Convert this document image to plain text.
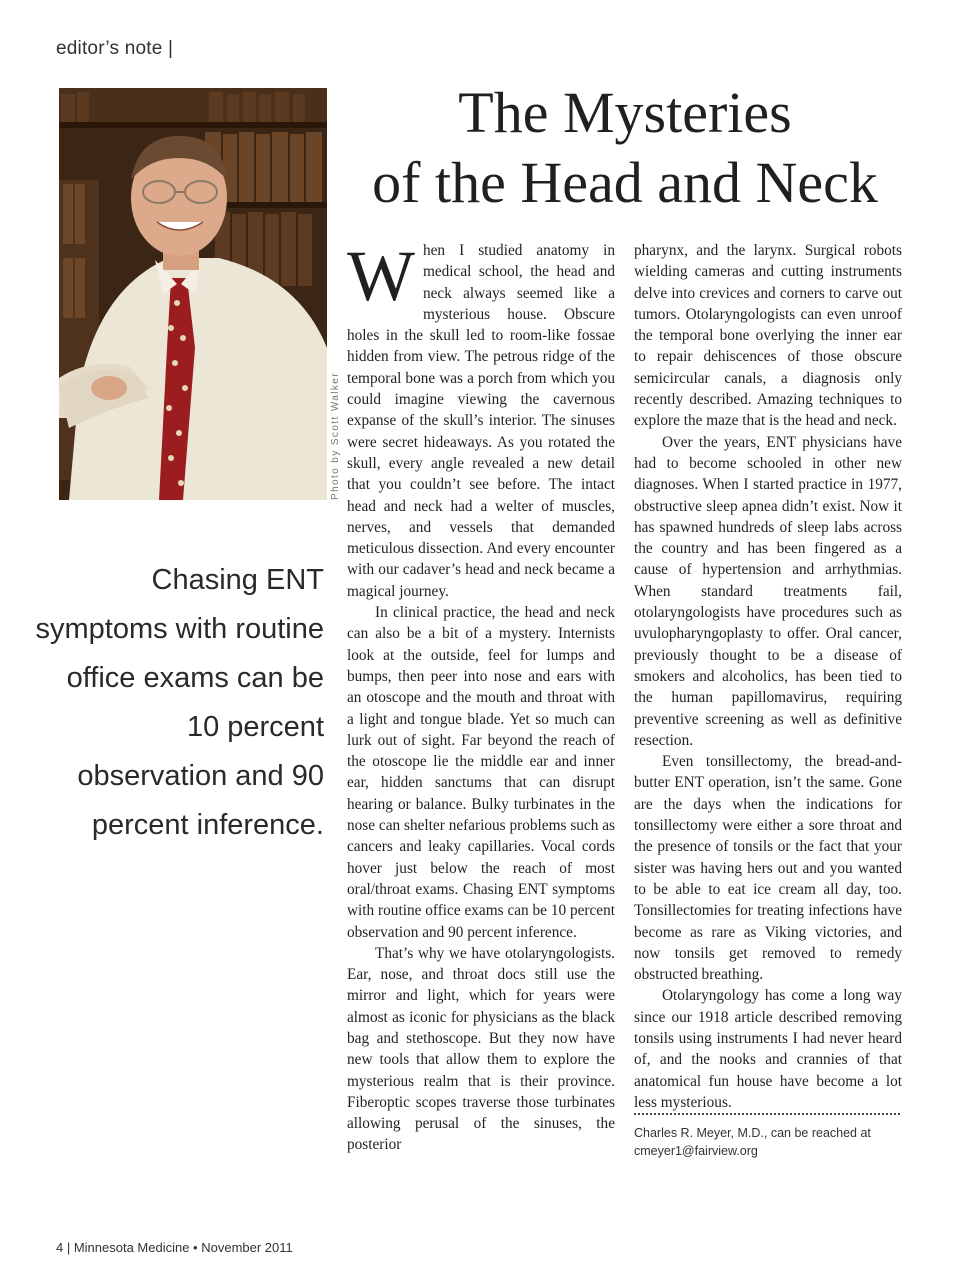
editor’s note |
Photo by Scott Walker
The Mysteries
of the Head and Neck

Chasing ENT symptoms with routine office exams can be 10 percent observation and 90 percent inference.

When I studied anatomy in medical school, the head and neck always seemed like a mysterious house. Obscure holes in the skull led to room-like fossae hidden from view. The petrous ridge of the temporal bone was a porch from which you could imagine viewing the cavernous expanse of the skull’s interior. The sinuses were secret hideaways. As you rotated the skull, every angle revealed a new detail that you couldn’t see before. The intact head and neck had a welter of muscles, nerves, and vessels that demanded meticulous dissection. And every encounter with our cadaver’s head and neck became a magical journey.

In clinical practice, the head and neck can also be a bit of a mystery. Internists look at the outside, feel for lumps and bumps, then peer into nose and ears with an otoscope and the mouth and throat with a light and tongue blade. Yet so much can lurk out of sight. Far beyond the reach of the otoscope lie the middle ear and inner ear, hidden sanctums that can disrupt hearing or balance. Bulky turbinates in the nose can shelter nefarious problems such as cancers and leaky capillaries. Vocal cords hover just below the reach of most oral/throat exams. Chasing ENT symptoms with routine office exams can be 10 percent observation and 90 percent inference.

That’s why we have otolaryngologists. Ear, nose, and throat docs still use the mirror and light, which for years were almost as iconic for physicians as the black bag and stethoscope. But they now have new tools that allow them to explore the mysterious realm that is their province. Fiberoptic scopes traverse those turbinates allowing perusal of the sinuses, the posterior

pharynx, and the larynx. Surgical robots wielding cameras and cutting instruments delve into crevices and corners to carve out tumors. Otolaryngologists can even unroof the temporal bone overlying the inner ear to repair dehiscences of those obscure semicircular canals, a diagnosis only recently described. Amazing techniques to explore the maze that is the head and neck.

Over the years, ENT physicians have had to become schooled in other new diagnoses. When I started practice in 1977, obstructive sleep apnea didn’t exist. Now it has spawned hundreds of sleep labs across the country and has been fingered as a cause of hypertension and arrhythmias. When standard treatments fail, otolaryngologists have procedures such as uvulopharyngoplasty to offer. Oral cancer, previously thought to be a disease of smokers and alcoholics, has been tied to the human papillomavirus, requiring preventive screening as well as definitive resection.

Even tonsillectomy, the bread-and-butter ENT operation, isn’t the same. Gone are the days when the indications for tonsillectomy were either a sore throat and the presence of tonsils or the fact that your sister was having hers out and you wanted to be able to eat ice cream all day, too. Tonsillectomies for treating infections have become as rare as Viking victories, and now tonsils get removed to remedy obstructed breathing.

Otolaryngology has come a long way since our 1918 article described removing tonsils using instruments I had never heard of, and the nooks and crannies of that anatomical fun house have become a lot less mysterious.

Charles R. Meyer, M.D., can be reached at
cmeyer1@fairview.org

4 | Minnesota Medicine • November 2011
